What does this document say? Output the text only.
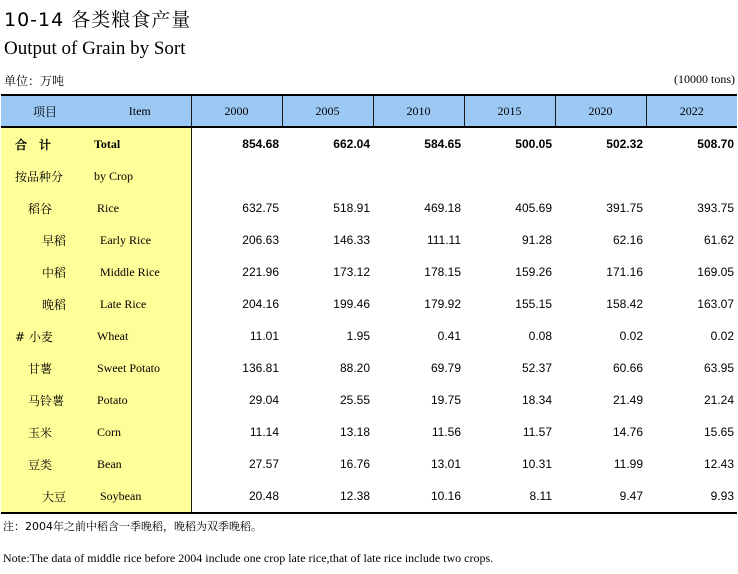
10-14 各类粮食产量
Output of Grain by Sort
单位：万吨	(10000 tons)
项目	Item	2000	2005	2010	2015	2020	2022
合　计	Total	854.68	662.04	584.65	500.05	502.32	508.70
按品种分	by Crop						
稻谷	Rice	632.75	518.91	469.18	405.69	391.75	393.75
早稻	Early Rice	206.63	146.33	111.11	91.28	62.16	61.62
中稻	Middle Rice	221.96	173.12	178.15	159.26	171.16	169.05
晚稻	Late Rice	204.16	199.46	179.92	155.15	158.42	163.07
# 小麦	Wheat	11.01	1.95	0.41	0.08	0.02	0.02
甘薯	Sweet Potato	136.81	88.20	69.79	52.37	60.66	63.95
马铃薯	Potato	29.04	25.55	19.75	18.34	21.49	21.24
玉米	Corn	11.14	13.18	11.56	11.57	14.76	15.65
豆类	Bean	27.57	16.76	13.01	10.31	11.99	12.43
大豆	Soybean	20.48	12.38	10.16	8.11	9.47	9.93
注：2004年之前中稻含一季晚稻，晚稻为双季晚稻。
Note:The data of middle rice before 2004 include one crop late rice,that of late rice include two crops.
